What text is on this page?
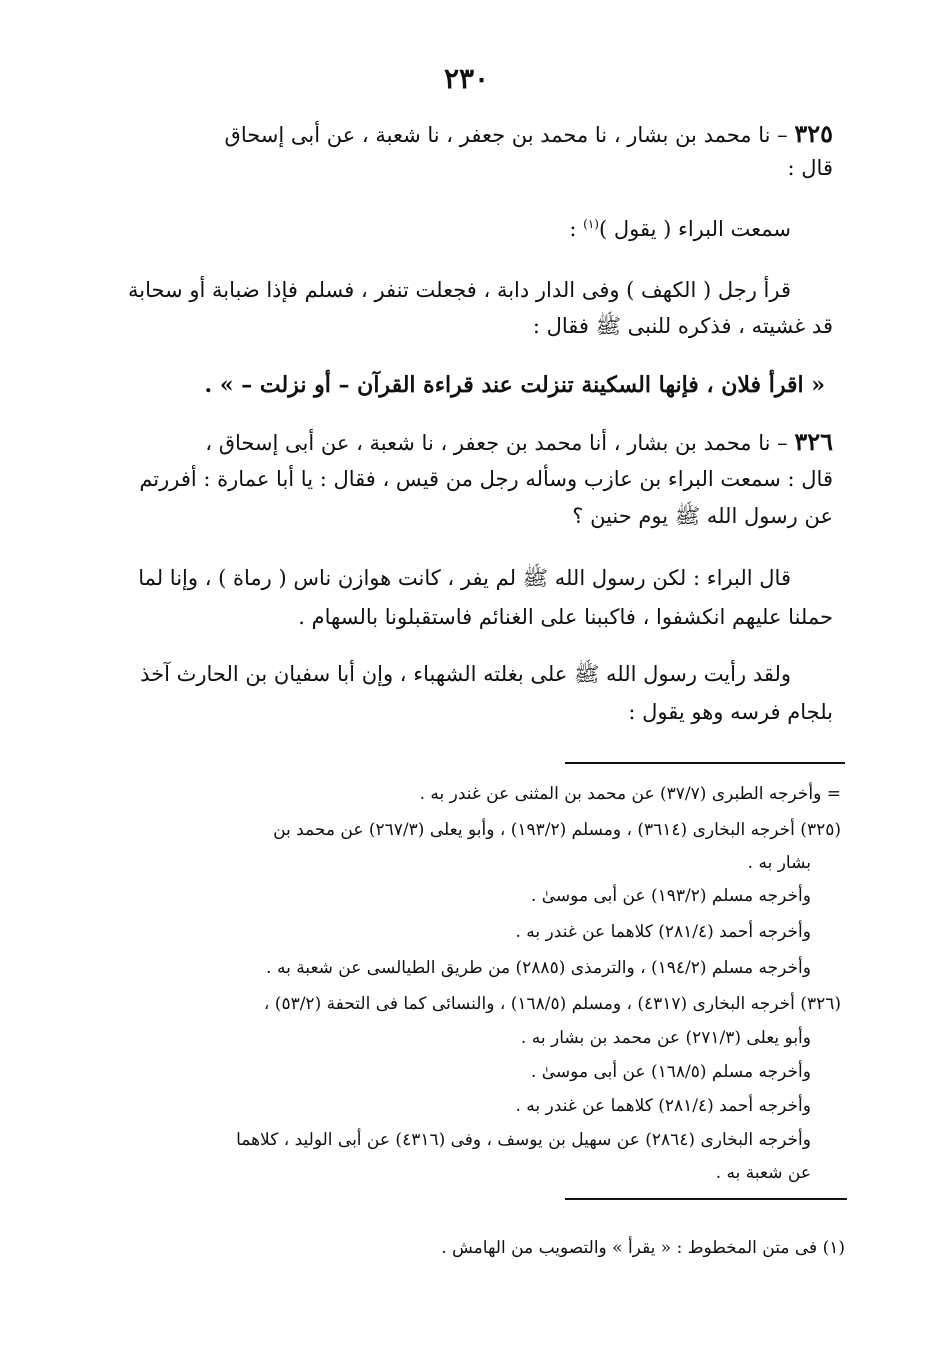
٢٣٠
٣٢٥ – نا محمد بن بشار ، نا محمد بن جعفر ، نا شعبة ، عن أبى إسحاق
قال :
سمعت البراء ( يقول )$^{(١)}$ :
قرأ رجل ( الكهف ) وفى الدار دابة ، فجعلت تنفر ، فسلم فإذا ضبابة أو سحابة
قد غشيته ، فذكره للنبى ﷺ فقال :
« اقرأ فلان ، فإنها السكينة تنزلت عند قراءة القرآن – أو نزلت – » .
٣٢٦ – نا محمد بن بشار ، أنا محمد بن جعفر ، نا شعبة ، عن أبى إسحاق ،
قال : سمعت البراء بن عازب وسأله رجل من قيس ، فقال : يا أبا عمارة : أفررتم
عن رسول الله ﷺ يوم حنين ؟
قال البراء : لكن رسول الله ﷺ لم يفر ، كانت هوازن ناس ( رماة ) ، وإنا لما
حملنا عليهم انكشفوا ، فاكببنا على الغنائم فاستقبلونا بالسهام .
ولقد رأيت رسول الله ﷺ على بغلته الشهباء ، وإن أبا سفيان بن الحارث آخذ
بلجام فرسه وهو يقول :
= وأخرجه الطبرى (٣٧/٧) عن محمد بن المثنى عن غندر به .
(٣٢٥) أخرجه البخارى (٣٦١٤) ، ومسلم (١٩٣/٢) ، وأبو يعلى (٢٦٧/٣) عن محمد بن
بشار به .
وأخرجه مسلم (١٩٣/٢) عن أبى موسىٰ .
وأخرجه أحمد (٢٨١/٤) كلاهما عن غندر به .
وأخرجه مسلم (١٩٤/٢) ، والترمذى (٢٨٨٥) من طريق الطيالسى عن شعبة به .
(٣٢٦) أخرجه البخارى (٤٣١٧) ، ومسلم (١٦٨/٥) ، والنسائى كما فى التحفة (٥٣/٢) ،
وأبو يعلى (٢٧١/٣) عن محمد بن بشار به .
وأخرجه مسلم (١٦٨/٥) عن أبى موسىٰ .
وأخرجه أحمد (٢٨١/٤) كلاهما عن غندر به .
وأخرجه البخارى (٢٨٦٤) عن سهيل بن يوسف ، وفى (٤٣١٦) عن أبى الوليد ، كلاهما
عن شعبة به .
(١) فى متن المخطوط : « يقرأ » والتصويب من الهامش .
